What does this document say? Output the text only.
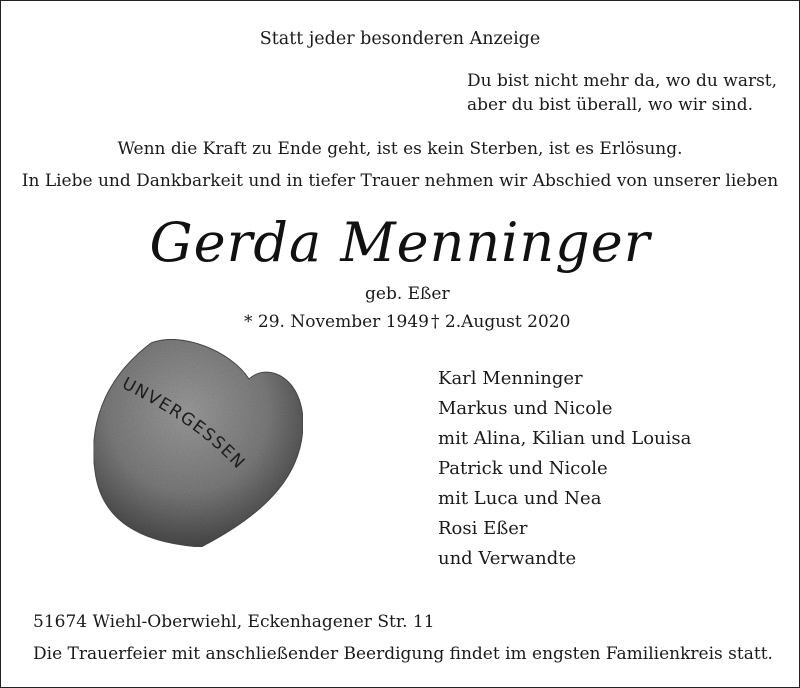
Statt jeder besonderen Anzeige
Du bist nicht mehr da, wo du warst,
aber du bist überall, wo wir sind.
Wenn die Kraft zu Ende geht, ist es kein Sterben, ist es Erlösung.
In Liebe und Dankbarkeit und in tiefer Trauer nehmen wir Abschied von unserer lieben
Gerda Menninger
geb. Eßer
* 29. November 1949 † 2.August 2020
UNVERGESSEN
Karl Menninger
Markus und Nicole
mit Alina, Kilian und Louisa
Patrick und Nicole
mit Luca und Nea
Rosi Eßer
und Verwandte
51674 Wiehl-Oberwiehl, Eckenhagener Str. 11
Die Trauerfeier mit anschließender Beerdigung findet im engsten Familienkreis statt.
